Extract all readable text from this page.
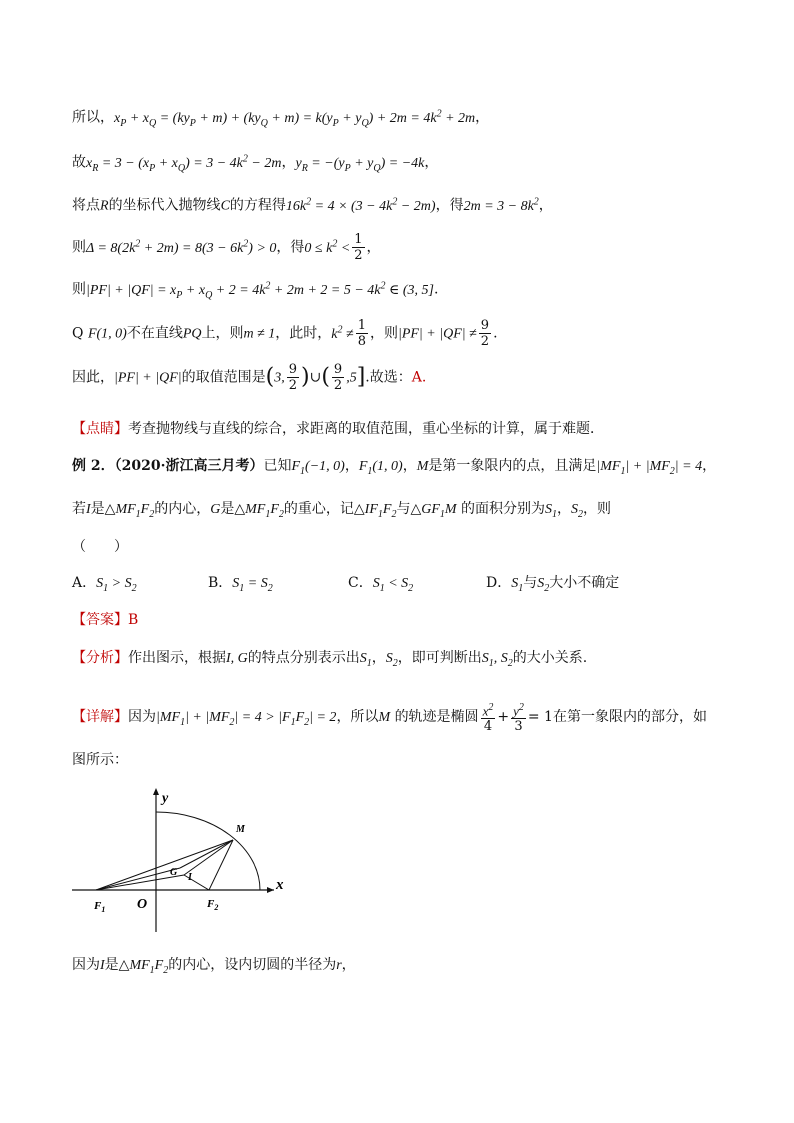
所以，$x_P + x_Q = (ky_P + m) + (ky_Q + m) = k(y_P + y_Q) + 2m = 4k^2 + 2m$，
故$x_R = 3 - (x_P + x_Q) = 3 - 4k^2 - 2m$，$y_R = -(y_P + y_Q) = -4k$，
将点R的坐标代入抛物线C的方程得$16k^2 = 4 \times (3 - 4k^2 - 2m)$，得$2m = 3 - 8k^2$，
则$\Delta = 8(2k^2 + 2m) = 8(3 - 6k^2) > 0$，得$0 \le k^2 < \frac{1}{2}$ ，
则$|PF| + |QF| = x_P + x_Q + 2 = 4k^2 + 2m + 2 = 5 - 4k^2$ ∈ (3, 5].
Q F(1, 0)不在直线PQ上，则m ≠ 1，此时，$k^2 \ne \frac{1}{8}$ ，则$|PF| + |QF| \ne \frac{9}{2}$ .
因此，|PF| + |QF|的取值范围是(3, $\frac{9}{2}$ )∪( $\frac{9}{2} ,5$].故选：A.
【点睛】考查抛物线与直线的综合，求距离的取值范围，重心坐标的计算，属于难题．
例 2．（2020·浙江高三月考）已知$F_1(-1$, 0)，$F_1(1$, 0)，M是第一象限内的点，且满足$|MF_1| + |MF_2| = 4$，
若I是$\triangle MF_1F_2$的内心，G是$\triangle MF_1F_2$的重心，记$\triangle IF_1F_2$与$\triangle GF_1M$ 的面积分别为$S_1$，$S_2$，则
（　　）
A．$S_1 > S_2$	B．$S_1 = S_2$	C．$S_1 < S_2$	D．$S_1$与$S_2$大小不确定
【答案】B
【分析】作出图示，根据I, G的特点分别表示出$S_1$，$S_2$，即可判断出$S_1$, $S_2$的大小关系.
【详解】因为$|MF_1| + |MF_2| = 4 > |F_1F_2| = 2$，所以M 的轨迹是椭圆 $\frac{x^2}{4} + \frac{y^2}{3} = 1$在第一象限内的部分，如
图所示：
y
x
O
$F_1$	$F_2$
M
G I
因为I是$\triangle MF_1F_2$的内心，设内切圆的半径为r，
